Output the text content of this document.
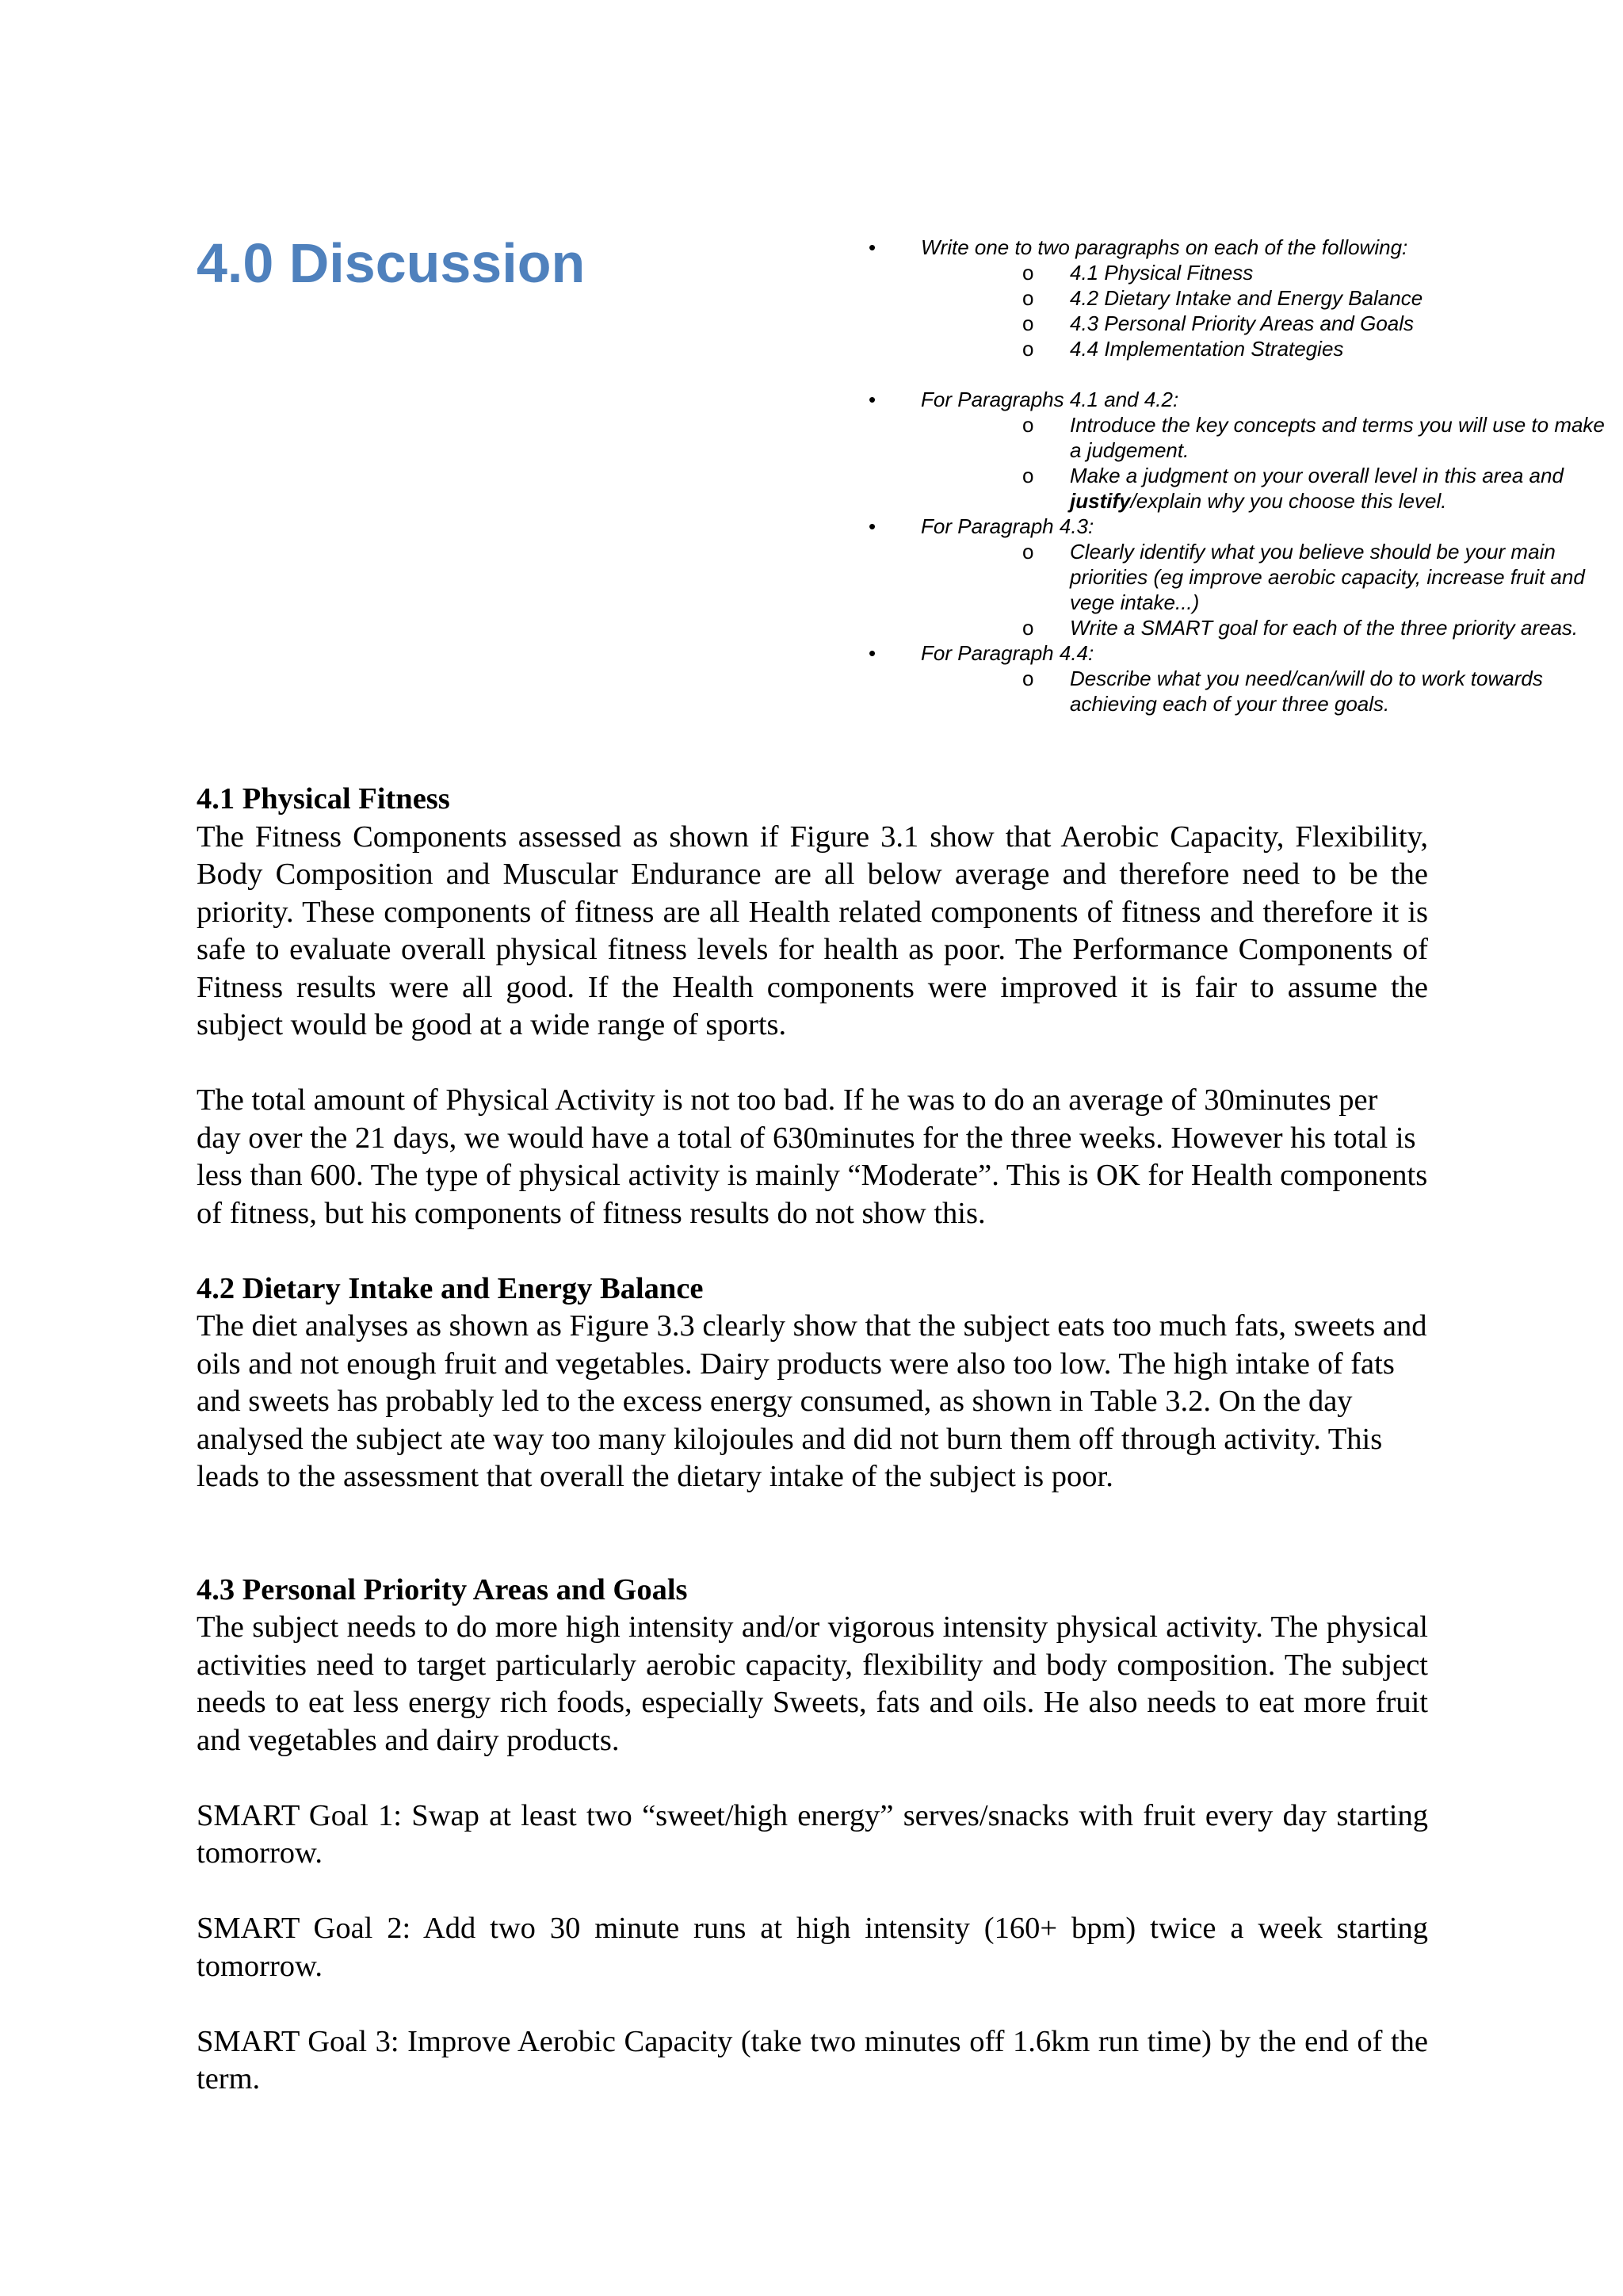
4.0 Discussion	• Write one to two paragraphs on each of the following:
o 4.1 Physical Fitness
o 4.2 Dietary Intake and Energy Balance
o 4.3 Personal Priority Areas and Goals
o 4.4 Implementation Strategies
• For Paragraphs 4.1 and 4.2:
o Introduce the key concepts and terms you will use to make a judgement.
o Make a judgment on your overall level in this area and justify/explain why you choose this level.
• For Paragraph 4.3:
o Clearly identify what you believe should be your main priorities (eg improve aerobic capacity, increase fruit and vege intake...)
o Write a SMART goal for each of the three priority areas.
• For Paragraph 4.4:
o Describe what you need/can/will do to work towards achieving each of your three goals.

4.1 Physical Fitness

The Fitness Components assessed as shown if Figure 3.1 show that Aerobic Capacity, Flexibility, Body Composition and Muscular Endurance are all below average and therefore need to be the priority. These components of fitness are all Health related components of fitness and therefore it is safe to evaluate overall physical fitness levels for health as poor. The Performance Components of Fitness results were all good. If the Health components were improved it is fair to assume the subject would be good at a wide range of sports.

The total amount of Physical Activity is not too bad. If he was to do an average of 30minutes per day over the 21 days, we would have a total of 630minutes for the three weeks. However his total is less than 600. The type of physical activity is mainly “Moderate”. This is OK for Health components of fitness, but his components of fitness results do not show this.

4.2 Dietary Intake and Energy Balance

The diet analyses as shown as Figure 3.3 clearly show that the subject eats too much fats, sweets and oils and not enough fruit and vegetables. Dairy products were also too low. The high intake of fats and sweets has probably led to the excess energy consumed, as shown in Table 3.2. On the day analysed the subject ate way too many kilojoules and did not burn them off through activity. This leads to the assessment that overall the dietary intake of the subject is poor.

4.3 Personal Priority Areas and Goals

The subject needs to do more high intensity and/or vigorous intensity physical activity. The physical activities need to target particularly aerobic capacity, flexibility and body composition. The subject needs to eat less energy rich foods, especially Sweets, fats and oils. He also needs to eat more fruit and vegetables and dairy products.

SMART Goal 1: Swap at least two “sweet/high energy” serves/snacks with fruit every day starting tomorrow.

SMART Goal 2: Add two 30 minute runs at high intensity (160+ bpm) twice a week starting tomorrow.

SMART Goal 3: Improve Aerobic Capacity (take two minutes off 1.6km run time) by the end of the term.
